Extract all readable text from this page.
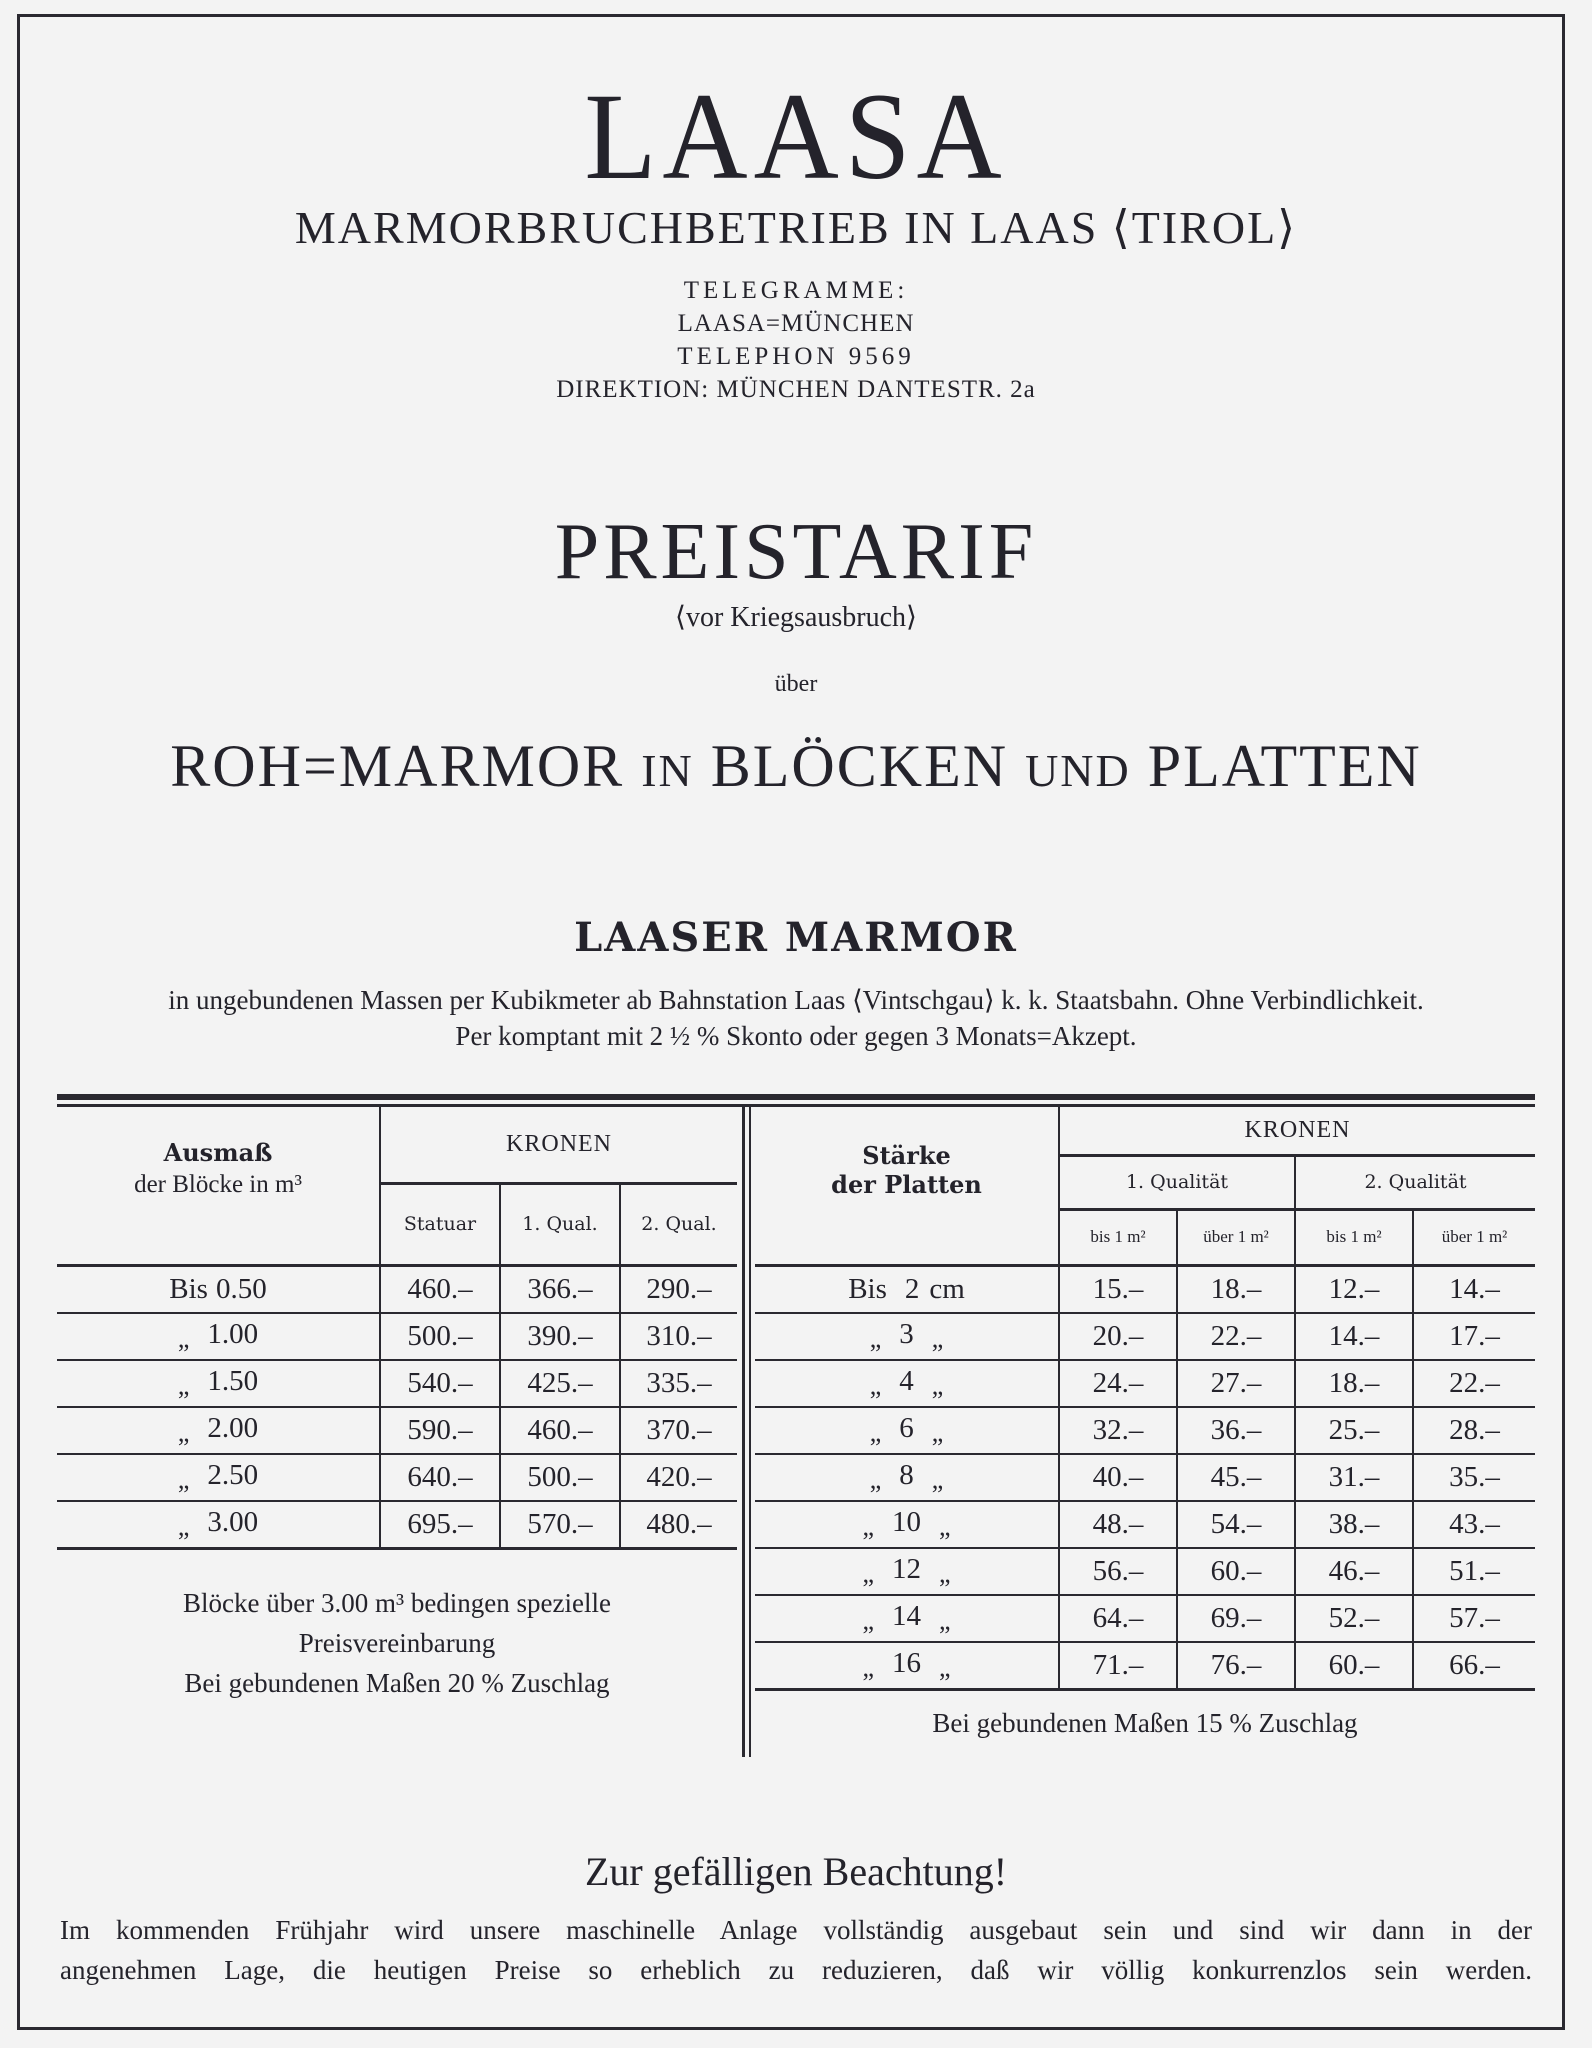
LAASA
MARMORBRUCHBETRIEB IN LAAS ⟨TIROL⟩
TELEGRAMME:
LAASA=MÜNCHEN
TELEPHON 9569
DIREKTION: MÜNCHEN DANTESTR. 2a
PREISTARIF
⟨vor Kriegsausbruch⟩
über
ROH=MARMOR IN BLÖCKEN UND PLATTEN
LAASER MARMOR
in ungebundenen Massen per Kubikmeter ab Bahnstation Laas ⟨Vintschgau⟩ k. k. Staatsbahn. Ohne Verbindlichkeit.
Per komptant mit 2 ½ % Skonto oder gegen 3 Monats=Akzept.
Ausmaß
der Blöcke in m³	KRONEN		
	Statuar	1. Qual.	2. Qual.
Bis 0.50	460.–	366.–	290.–
„ 1.00	500.–	390.–	310.–
„ 1.50	540.–	425.–	335.–
„ 2.00	590.–	460.–	370.–
„ 2.50	640.–	500.–	420.–
„ 3.00	695.–	570.–	480.–
Blöcke über 3.00 m³ bedingen spezielle
Preisvereinbarung
Bei gebundenen Maßen 20 % Zuschlag
Stärke
der Platten	KRONEN			
	1. Qualität		2. Qualität	
	bis 1 m²	über 1 m²	bis 1 m²	über 1 m²
Bis 2 cm	15.–	18.–	12.–	14.–
„ 3 „	20.–	22.–	14.–	17.–
„ 4 „	24.–	27.–	18.–	22.–
„ 6 „	32.–	36.–	25.–	28.–
„ 8 „	40.–	45.–	31.–	35.–
„ 10 „	48.–	54.–	38.–	43.–
„ 12 „	56.–	60.–	46.–	51.–
„ 14 „	64.–	69.–	52.–	57.–
„ 16 „	71.–	76.–	60.–	66.–
Bei gebundenen Maßen 15 % Zuschlag
Zur gefälligen Beachtung!
Im kommenden Frühjahr wird unsere maschinelle Anlage vollständig ausgebaut sein und sind wir dann in der
angenehmen Lage, die heutigen Preise so erheblich zu reduzieren, daß wir völlig konkurrenzlos sein werden.
